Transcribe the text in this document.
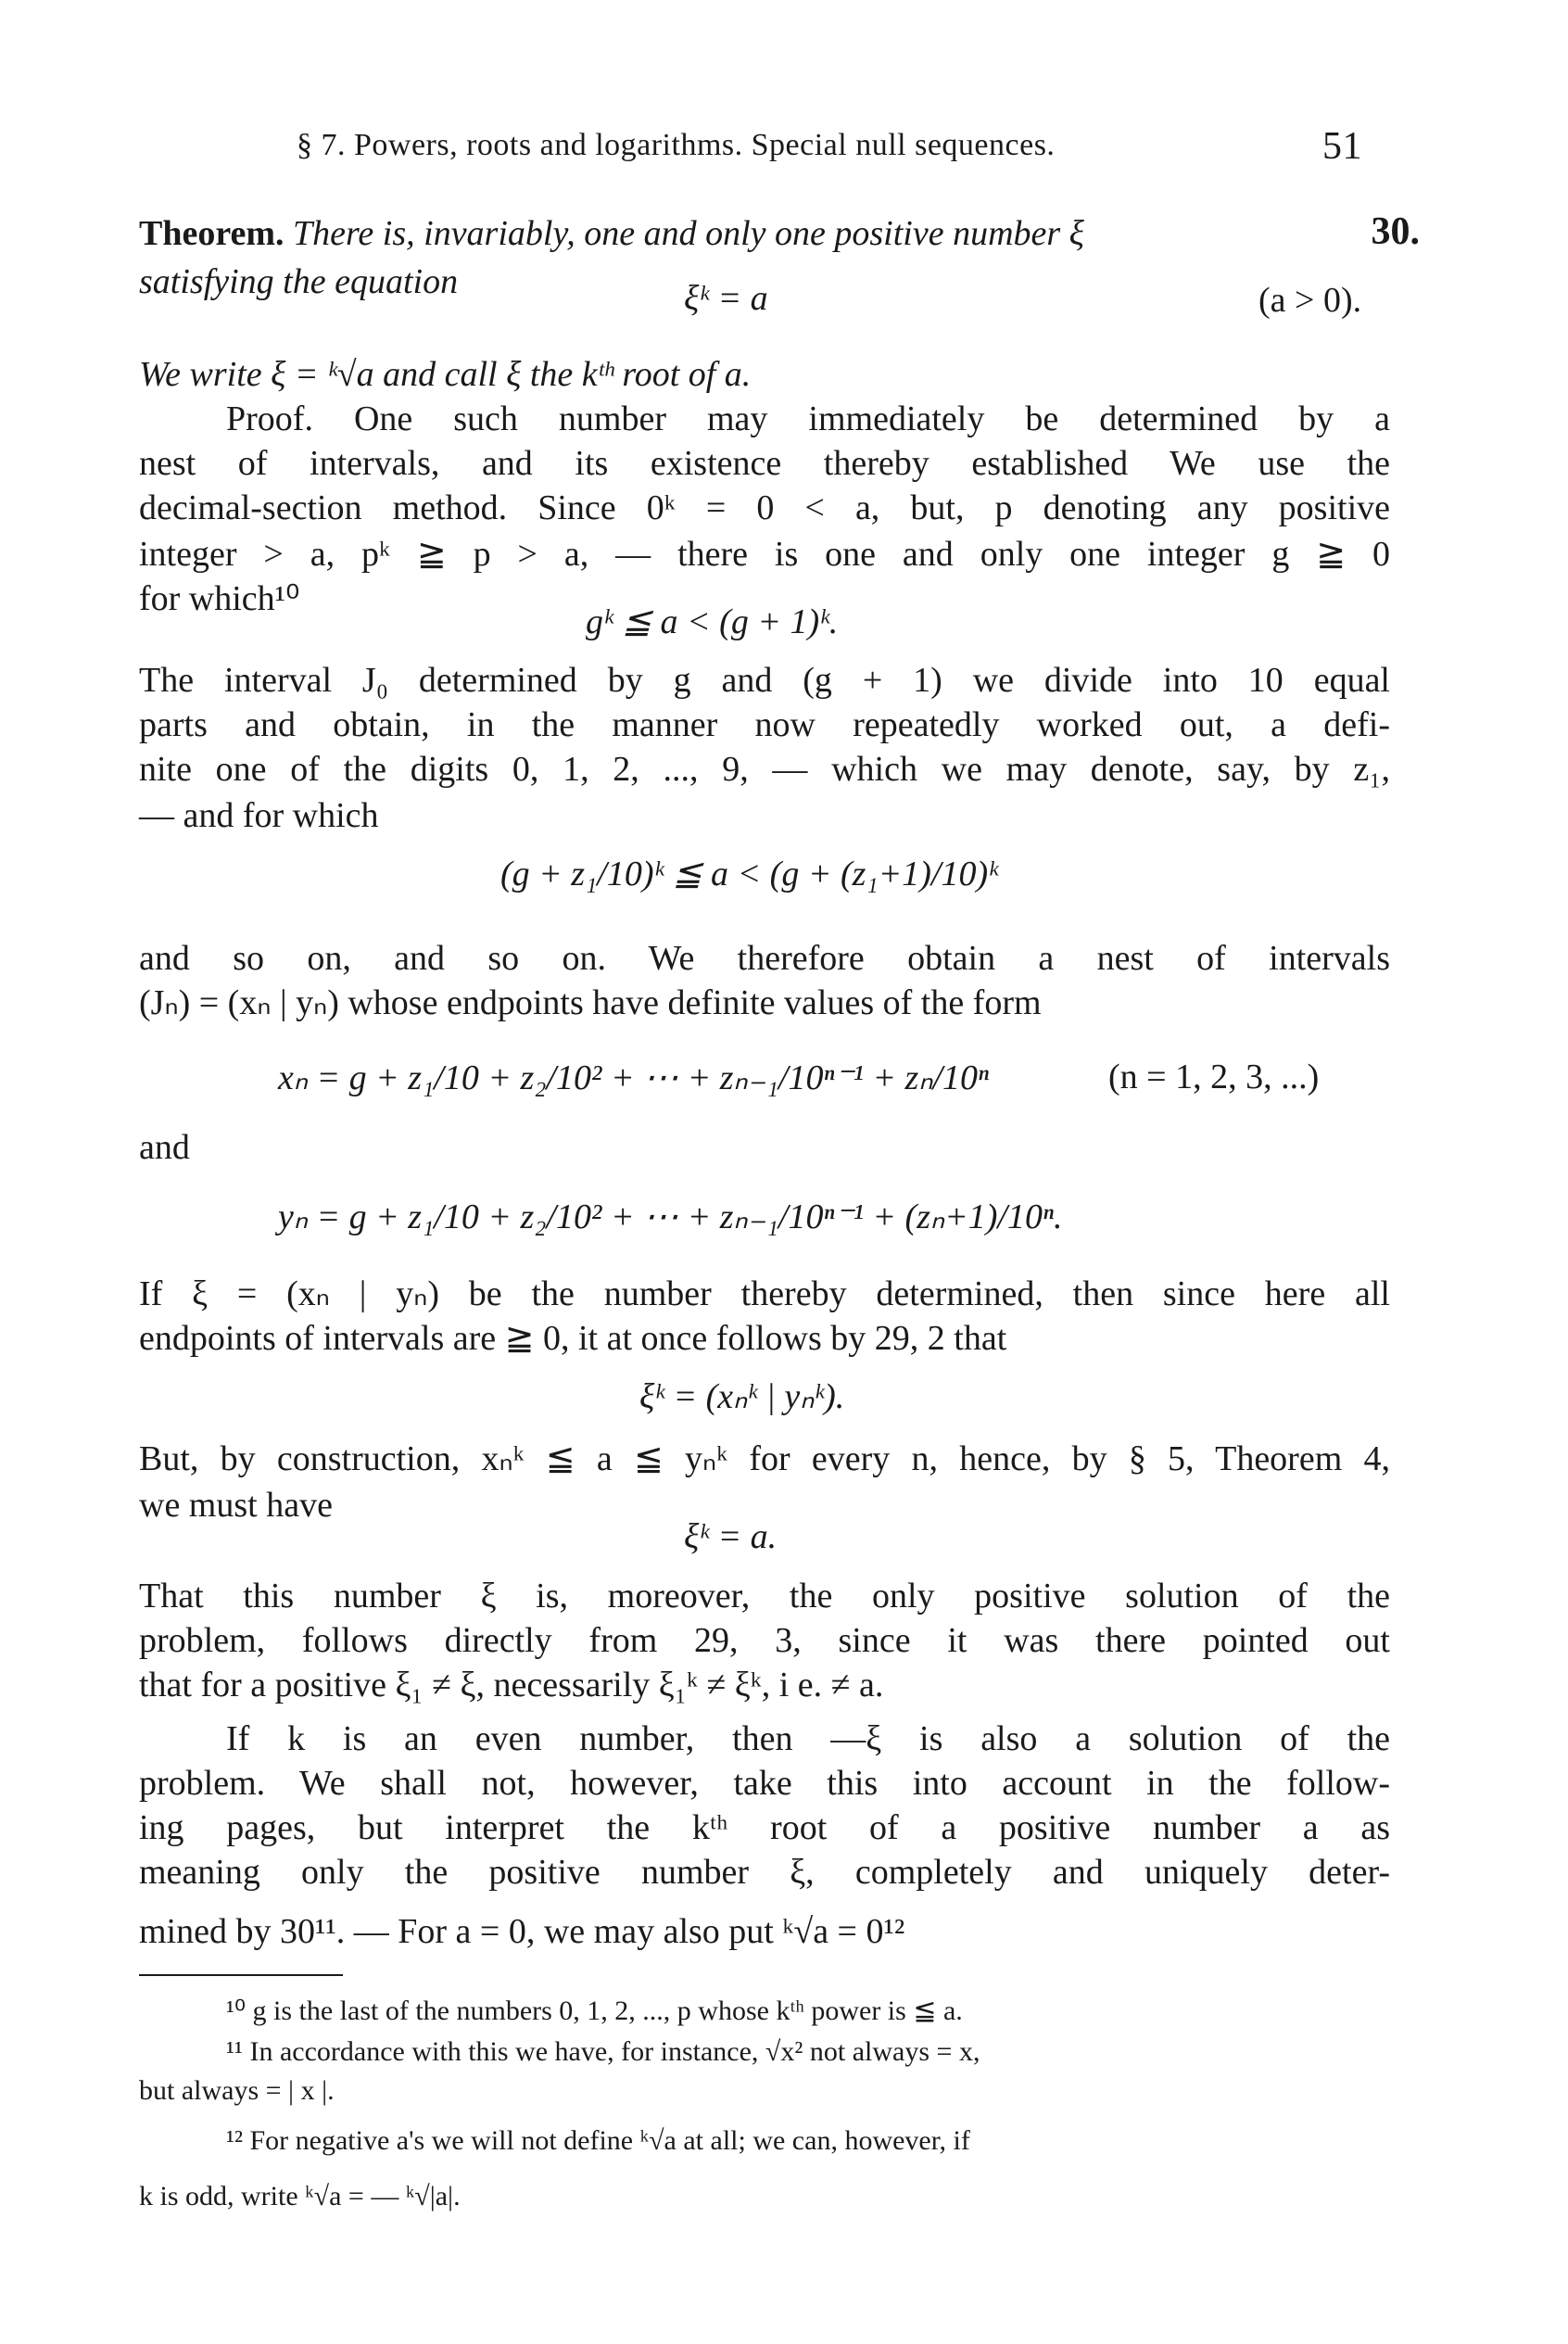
§ 7. Powers, roots and logarithms. Special null sequences.	51
Theorem. There is, invariably, one and only one positive number ξ	30.
satisfying the equation	ξᵏ = a	(a > 0).
We write ξ = ᵏ√a and call ξ the kᵗʰ root of a.
Proof. One such number may immediately be determined by a
nest of intervals, and its existence thereby established We use the
decimal-section method. Since 0ᵏ = 0 < a, but, p denoting any positive
integer > a, pᵏ ≧ p > a, — there is one and only one integer g ≧ 0
for which¹⁰
gᵏ ≦ a < (g + 1)ᵏ.
The interval J₀ determined by g and (g + 1) we divide into 10 equal
parts and obtain, in the manner now repeatedly worked out, a defi-
nite one of the digits 0, 1, 2, ..., 9, — which we may denote, say, by z₁,
— and for which
(g + z₁/10)ᵏ ≦ a < (g + (z₁+1)/10)ᵏ
and so on, and so on. We therefore obtain a nest of intervals
(Jₙ) = (xₙ | yₙ) whose endpoints have definite values of the form
xₙ = g + z₁/10 + z₂/10² + ⋯ + zₙ₋₁/10ⁿ⁻¹ + zₙ/10ⁿ	(n = 1, 2, 3, ...)
and
yₙ = g + z₁/10 + z₂/10² + ⋯ + zₙ₋₁/10ⁿ⁻¹ + (zₙ+1)/10ⁿ.
If ξ = (xₙ | yₙ) be the number thereby determined, then since here all
endpoints of intervals are ≧ 0, it at once follows by 29, 2 that
ξᵏ = (xₙᵏ | yₙᵏ).
But, by construction, xₙᵏ ≦ a ≦ yₙᵏ for every n, hence, by § 5, Theorem 4,
we must have
ξᵏ = a.
That this number ξ is, moreover, the only positive solution of the
problem, follows directly from 29, 3, since it was there pointed out
that for a positive ξ₁ ≠ ξ, necessarily ξ₁ᵏ ≠ ξᵏ, i e. ≠ a.
If k is an even number, then —ξ is also a solution of the
problem. We shall not, however, take this into account in the follow-
ing pages, but interpret the kᵗʰ root of a positive number a as
meaning only the positive number ξ, completely and uniquely deter-
mined by 30¹¹. — For a = 0, we may also put ᵏ√a = 0¹²
¹⁰ g is the last of the numbers 0, 1, 2, ..., p whose kᵗʰ power is ≦ a.
¹¹ In accordance with this we have, for instance, √x² not always = x,
but always = | x |.
¹² For negative a's we will not define ᵏ√a at all; we can, however, if
k is odd, write ᵏ√a = — ᵏ√|a|.
